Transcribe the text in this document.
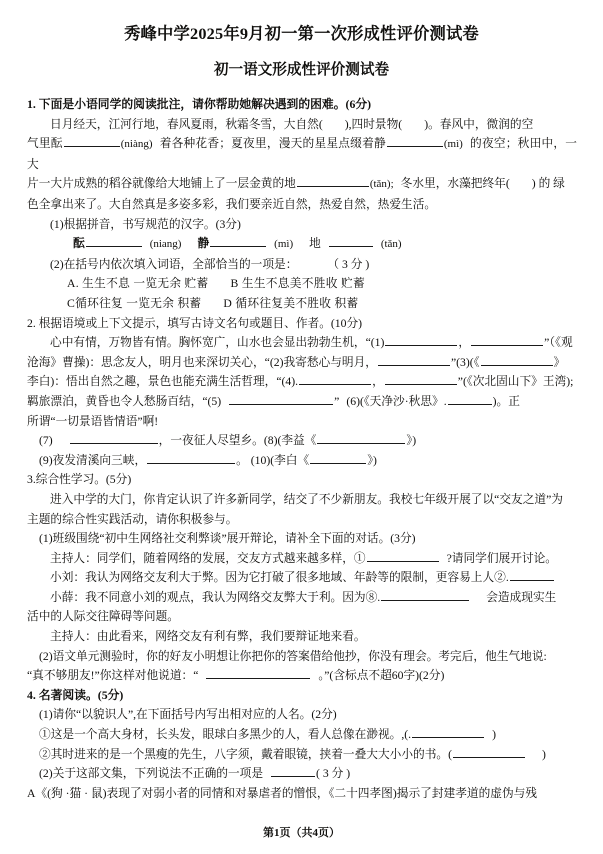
秀峰中学2025年9月初一第一次形成性评价测试卷
初一语文形成性评价测试卷
1. 下面是小语同学的阅读批注，请你帮助她解决遇到的困难。(6分)
日月经天，江河行地，春风夏雨，秋霜冬雪，大自然( ),四时景物( )。春风中，微润的空
气里酝	(niàng) 着各种花香；夏夜里，漫天的星星点缀着静	(mì) 的夜空；秋田中，一大
片一大片成熟的稻谷就像给大地铺上了一层金黄的地	(tǎn); 冬水里，水藻把终年( ) 的 绿
色全拿出来了。大自然真是多姿多彩，我们要亲近自然，热爱自然，热爱生活。
(1)根据拼音，书写规范的汉字。(3分)
酝	(niang) 静	(mì) 地	(tǎn)
(2)在括号内依次填入词语，全部恰当的一项是：	（ 3 分 )
A. 生生不息 一览无余 贮蓄 B 生生不息美不胜收 贮蓄
C循环往复 一览无余 积蓄 D 循环往复美不胜收 积蓄
2. 根据语境或上下文提示，填写古诗文名句或题目、作者。(10分)
心中有情，万物皆有情。胸怀宽广，山水也会显出勃勃生机，“(1)	，	”（《观
沧海》曹操)：思念友人，明月也来深切关心，“(2)我寄愁心与明月，	”(3)(《	》
李白)：悟出自然之趣，景色也能充满生活哲理，“(4).	，	”(《次北固山下》王湾);
羁旅漂泊，黄昏也令人愁肠百结，“(5)	” (6)(《天净沙·秋思》.	)。正
所谓“一切景语皆情语”啊!
(7)	，一夜征人尽望乡。(8)(李益《	》)
(9)夜发清溪向三峡，	。 (10)(李白《	》)
3.综合性学习。(5分)
进入中学的大门，你肯定认识了许多新同学，结交了不少新朋友。我校七年级开展了以“交友之道”为
主题的综合性实践活动，请你积极参与。
(1)班级围绕“初中生网络社交利弊谈”展开辩论，请补全下面的对话。(3分)
主持人：同学们，随着网络的发展，交友方式越来越多样，①	?请同学们展开讨论。
小刘：我认为网络交友利大于弊。因为它打破了很多地域、年龄等的限制，更容易上人②.
小薛：我不同意小刘的观点，我认为网络交友弊大于利。因为⑧.	会造成现实生
活中的人际交往障碍等问题。
主持人：由此看来，网络交友有利有弊，我们要辩证地来看。
(2)语文单元测验时，你的好友小明想让你把你的答案借给他抄，你没有理会。考完后，他生气地说:
“真不够朋友!”你这样对他说道：“	。”(含标点不超60字)(2分)
4. 名著阅读。(5分)
(1)请你“以貌识人”,在下面括号内写出相对应的人名。(2分)
①这是一个高大身材，长头发，眼球白多黑少的人，看人总像在渺视。,(.	)
②其时进来的是一个黑瘦的先生，八字须，戴着眼镜，挟着一叠大大小小的书。(	)
(2)关于这部文集，下列说法不正确的一项是	( 3 分 )
A《(狗 ·猫 · 鼠)表现了对弱小者的同情和对暴虐者的憎恨，《二十四孝图)揭示了封建孝道的虚伪与残
第1页（共4页）
